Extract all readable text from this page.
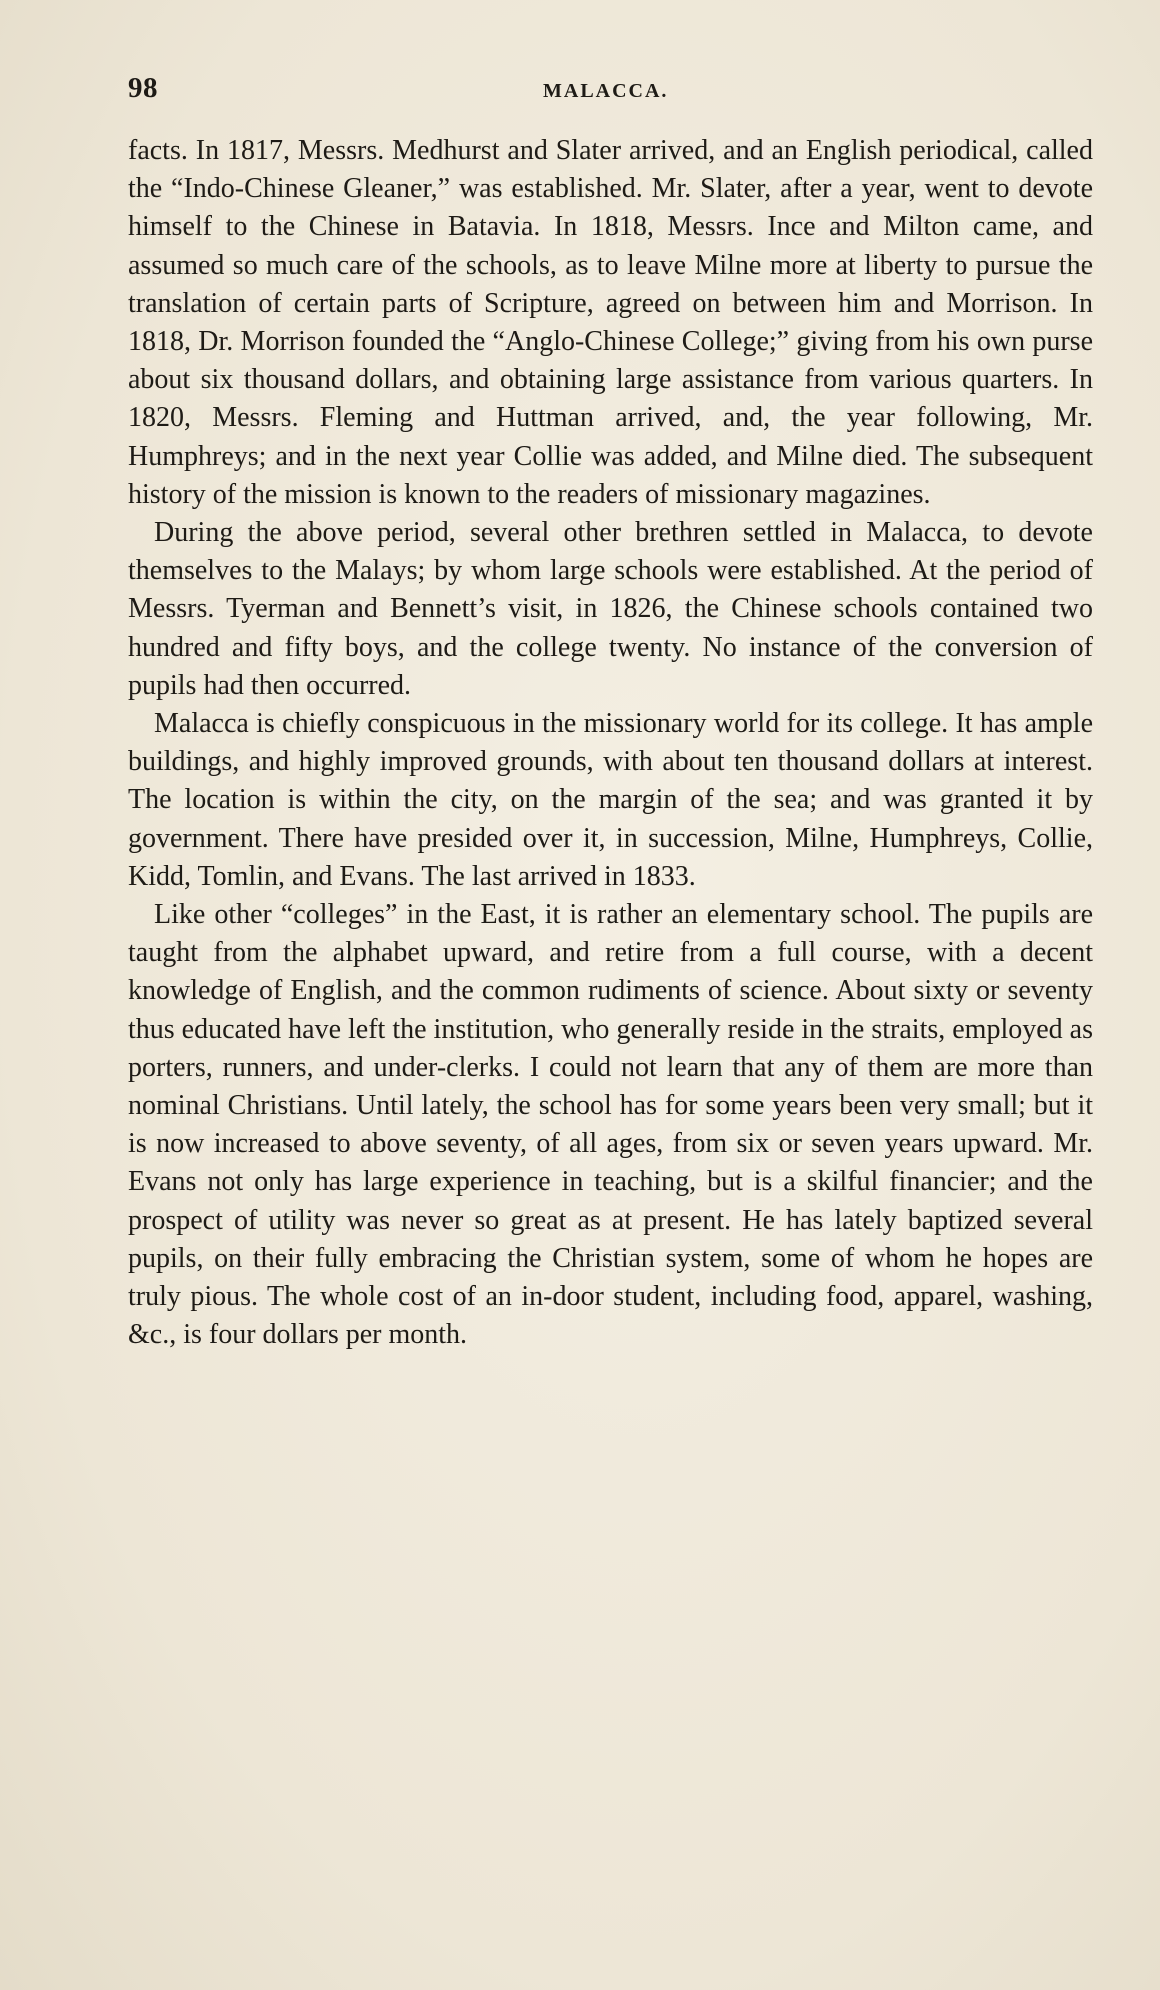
98	MALACCA.

facts. In 1817, Messrs. Medhurst and Slater arrived, and an English periodical, called the “Indo-Chinese Gleaner,” was established. Mr. Slater, after a year, went to devote himself to the Chinese in Batavia. In 1818, Messrs. Ince and Milton came, and assumed so much care of the schools, as to leave Milne more at liberty to pursue the translation of certain parts of Scripture, agreed on between him and Morrison. In 1818, Dr. Morrison founded the “Anglo-Chinese College;” giving from his own purse about six thousand dollars, and obtaining large assistance from various quarters. In 1820, Messrs. Fleming and Huttman arrived, and, the year following, Mr. Humphreys; and in the next year Collie was added, and Milne died. The subsequent history of the mission is known to the readers of missionary magazines.

During the above period, several other brethren settled in Malacca, to devote themselves to the Malays; by whom large schools were established. At the period of Messrs. Tyerman and Bennett’s visit, in 1826, the Chinese schools contained two hundred and fifty boys, and the college twenty. No instance of the conversion of pupils had then occurred.

Malacca is chiefly conspicuous in the missionary world for its college. It has ample buildings, and highly improved grounds, with about ten thousand dollars at interest. The location is within the city, on the margin of the sea; and was granted it by government. There have presided over it, in succession, Milne, Humphreys, Collie, Kidd, Tomlin, and Evans. The last arrived in 1833.

Like other “colleges” in the East, it is rather an elementary school. The pupils are taught from the alphabet upward, and retire from a full course, with a decent knowledge of English, and the common rudiments of science. About sixty or seventy thus educated have left the institution, who generally reside in the straits, employed as porters, runners, and under-clerks. I could not learn that any of them are more than nominal Christians. Until lately, the school has for some years been very small; but it is now increased to above seventy, of all ages, from six or seven years upward. Mr. Evans not only has large experience in teaching, but is a skilful financier; and the prospect of utility was never so great as at present. He has lately baptized several pupils, on their fully embracing the Christian system, some of whom he hopes are truly pious. The whole cost of an in-door student, including food, apparel, washing, &c., is four dollars per month.
